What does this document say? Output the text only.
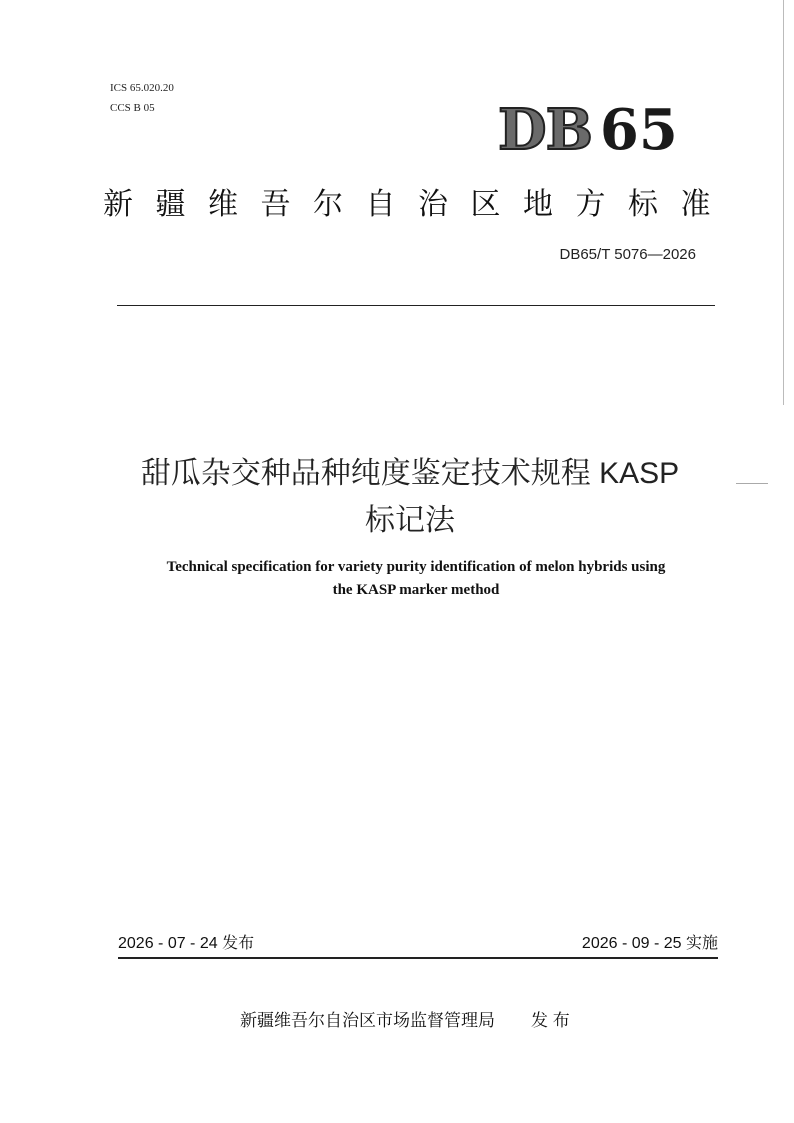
ICS 65.020.20
CCS B 05	DB 65
新疆维吾尔自治区地方标准
DB65/T 5076—2026
甜瓜杂交种品种纯度鉴定技术规程 KASP
标记法
Technical specification for variety purity identification of melon hybrids using
the KASP marker method
2026 - 07 - 24 发布	2026 - 09 - 25 实施
新疆维吾尔自治区市场监督管理局 发 布
